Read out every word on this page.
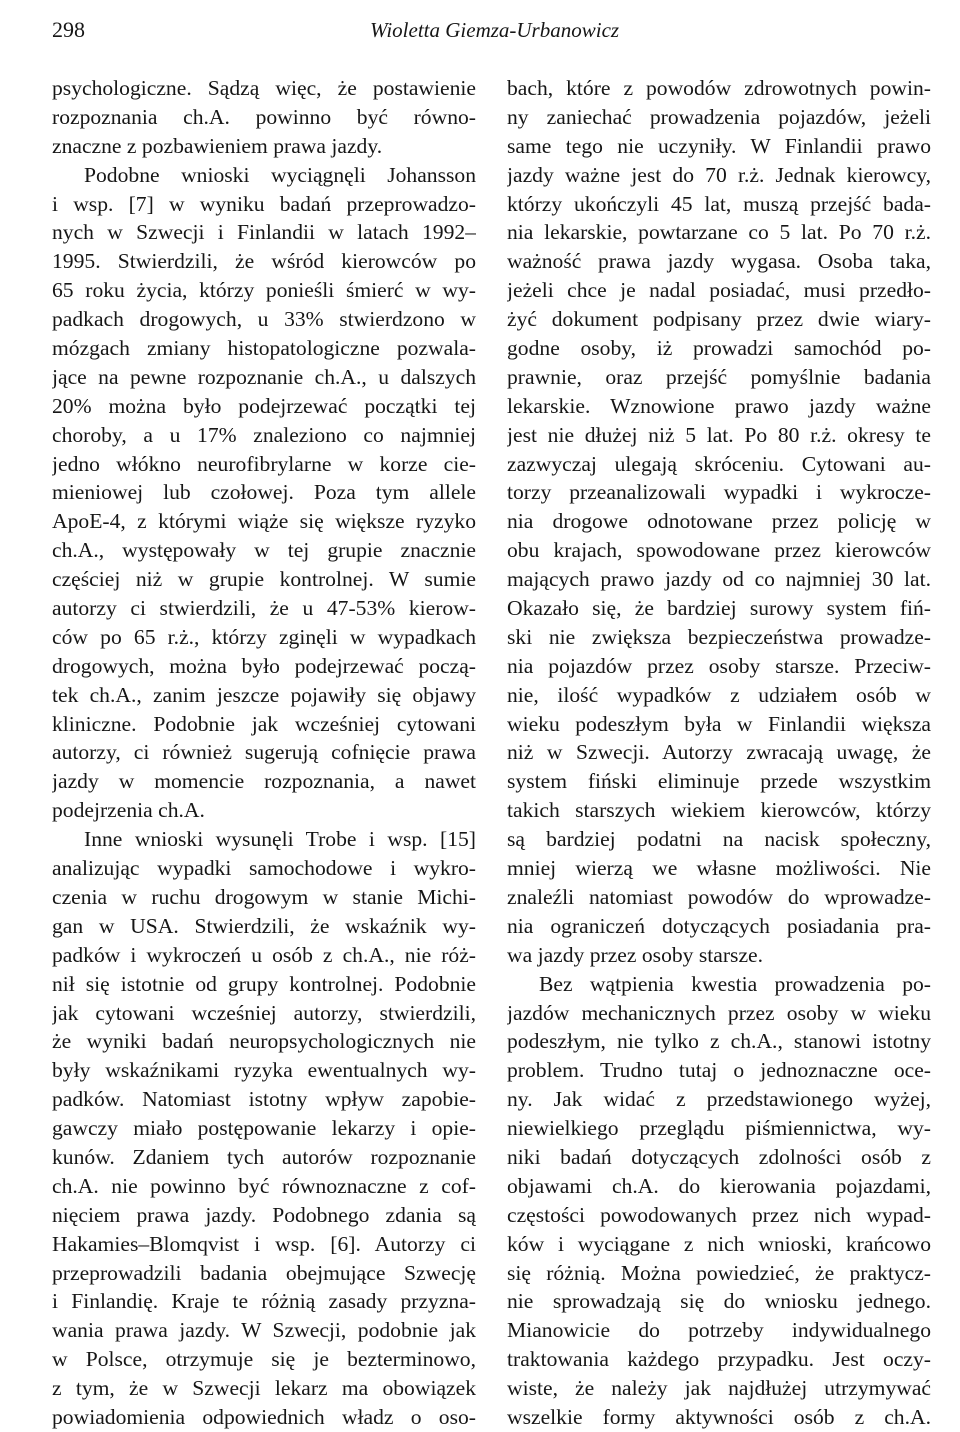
298	Wioletta Giemza-Urbanowicz
psychologiczne. Sądzą więc, że postawienie
rozpoznania ch.A. powinno być równo-
znaczne z pozbawieniem prawa jazdy.
Podobne wnioski wyciągnęli Johansson
i wsp. [7] w wyniku badań przeprowadzo-
nych w Szwecji i Finlandii w latach 1992–
1995. Stwierdzili, że wśród kierowców po
65 roku życia, którzy ponieśli śmierć w wy-
padkach drogowych, u 33% stwierdzono w
mózgach zmiany histopatologiczne pozwala-
jące na pewne rozpoznanie ch.A., u dalszych
20% można było podejrzewać początki tej
choroby, a u 17% znaleziono co najmniej
jedno włókno neurofibrylarne w korze cie-
mieniowej lub czołowej. Poza tym allele
ApoE-4, z którymi wiąże się większe ryzyko
ch.A., występowały w tej grupie znacznie
częściej niż w grupie kontrolnej. W sumie
autorzy ci stwierdzili, że u 47-53% kierow-
ców po 65 r.ż., którzy zginęli w wypadkach
drogowych, można było podejrzewać począ-
tek ch.A., zanim jeszcze pojawiły się objawy
kliniczne. Podobnie jak wcześniej cytowani
autorzy, ci również sugerują cofnięcie prawa
jazdy w momencie rozpoznania, a nawet
podejrzenia ch.A.
Inne wnioski wysunęli Trobe i wsp. [15]
analizując wypadki samochodowe i wykro-
czenia w ruchu drogowym w stanie Michi-
gan w USA. Stwierdzili, że wskaźnik wy-
padków i wykroczeń u osób z ch.A., nie róż-
nił się istotnie od grupy kontrolnej. Podobnie
jak cytowani wcześniej autorzy, stwierdzili,
że wyniki badań neuropsychologicznych nie
były wskaźnikami ryzyka ewentualnych wy-
padków. Natomiast istotny wpływ zapobie-
gawczy miało postępowanie lekarzy i opie-
kunów. Zdaniem tych autorów rozpoznanie
ch.A. nie powinno być równoznaczne z cof-
nięciem prawa jazdy. Podobnego zdania są
Hakamies–Blomqvist i wsp. [6]. Autorzy ci
przeprowadzili badania obejmujące Szwecję
i Finlandię. Kraje te różnią zasady przyzna-
wania prawa jazdy. W Szwecji, podobnie jak
w Polsce, otrzymuje się je bezterminowo,
z tym, że w Szwecji lekarz ma obowiązek
powiadomienia odpowiednich władz o oso-
bach, które z powodów zdrowotnych powin-
ny zaniechać prowadzenia pojazdów, jeżeli
same tego nie uczyniły. W Finlandii prawo
jazdy ważne jest do 70 r.ż. Jednak kierowcy,
którzy ukończyli 45 lat, muszą przejść bada-
nia lekarskie, powtarzane co 5 lat. Po 70 r.ż.
ważność prawa jazdy wygasa. Osoba taka,
jeżeli chce je nadal posiadać, musi przedło-
żyć dokument podpisany przez dwie wiary-
godne osoby, iż prowadzi samochód po-
prawnie, oraz przejść pomyślnie badania
lekarskie. Wznowione prawo jazdy ważne
jest nie dłużej niż 5 lat. Po 80 r.ż. okresy te
zazwyczaj ulegają skróceniu. Cytowani au-
torzy przeanalizowali wypadki i wykrocze-
nia drogowe odnotowane przez policję w
obu krajach, spowodowane przez kierowców
mających prawo jazdy od co najmniej 30 lat.
Okazało się, że bardziej surowy system fiń-
ski nie zwiększa bezpieczeństwa prowadze-
nia pojazdów przez osoby starsze. Przeciw-
nie, ilość wypadków z udziałem osób w
wieku podeszłym była w Finlandii większa
niż w Szwecji. Autorzy zwracają uwagę, że
system fiński eliminuje przede wszystkim
takich starszych wiekiem kierowców, którzy
są bardziej podatni na nacisk społeczny,
mniej wierzą we własne możliwości. Nie
znaleźli natomiast powodów do wprowadze-
nia ograniczeń dotyczących posiadania pra-
wa jazdy przez osoby starsze.
Bez wątpienia kwestia prowadzenia po-
jazdów mechanicznych przez osoby w wieku
podeszłym, nie tylko z ch.A., stanowi istotny
problem. Trudno tutaj o jednoznaczne oce-
ny. Jak widać z przedstawionego wyżej,
niewielkiego przeglądu piśmiennictwa, wy-
niki badań dotyczących zdolności osób z
objawami ch.A. do kierowania pojazdami,
częstości powodowanych przez nich wypad-
ków i wyciągane z nich wnioski, krańcowo
się różnią. Można powiedzieć, że praktycz-
nie sprowadzają się do wniosku jednego.
Mianowicie do potrzeby indywidualnego
traktowania każdego przypadku. Jest oczy-
wiste, że należy jak najdłużej utrzymywać
wszelkie formy aktywności osób z ch.A.
